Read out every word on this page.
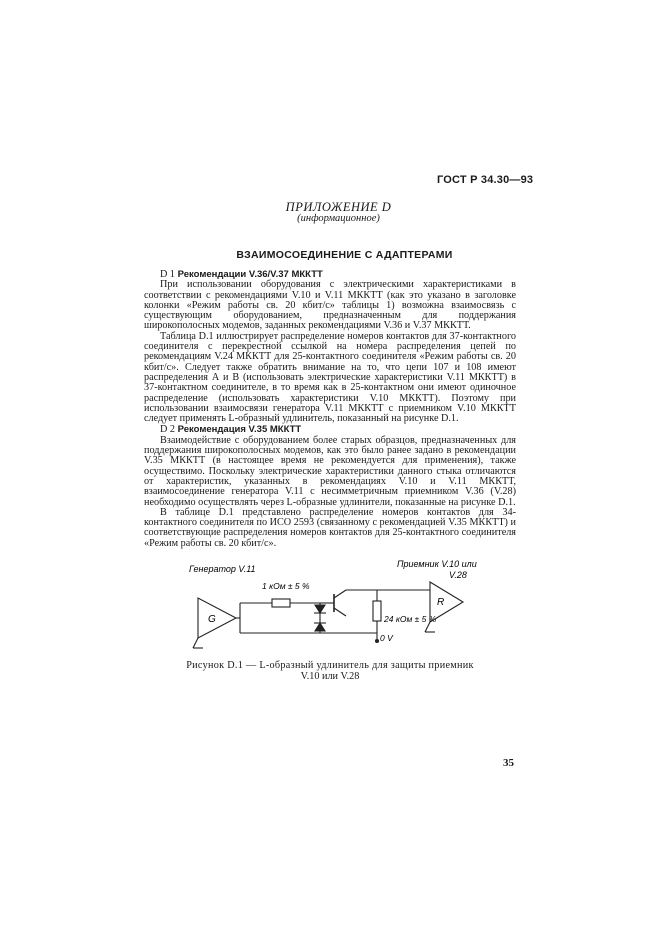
ГОСТ Р 34.30—93
ПРИЛОЖЕНИЕ D
(информационное)
ВЗАИМОСОЕДИНЕНИЕ С АДАПТЕРАМИ

D 1 Рекомендации V.36/V.37 МККТТ

При использовании оборудования с электрическими характеристиками в соответствии с рекомендациями V.10 и V.11 МККТТ (как это указано в заголовке колонки «Режим работы св. 20 кбит/с» таблицы 1) возможна взаимосвязь с существующим оборудованием, предназначенным для поддержания широкополосных модемов, заданных рекомендациями V.36 и V.37 МККТТ.

Таблица D.1 иллюстрирует распределение номеров контактов для 37-контактного соединителя с перекрестной ссылкой на номера распределения цепей по рекомендациям V.24 МККТТ для 25-контактного соединителя «Режим работы св. 20 кбит/с». Следует также обратить внимание на то, что цепи 107 и 108 имеют распределения А и В (использовать электрические характеристики V.11 МККТТ) в 37-контактном соединителе, в то время как в 25-контактном они имеют одиночное распределение (использовать характеристики V.10 МККТТ). Поэтому при использовании взаимосвязи генератора V.11 МККТТ с приемником V.10 МККТТ следует применять L-образный удлинитель, показанный на рисунке D.1.

D 2 Рекомендация V.35 МККТТ

Взаимодействие с оборудованием более старых образцов, предназначенных для поддержания широкополосных модемов, как это было ранее задано в рекомендации V.35 МККТТ (в настоящее время не рекомендуется для применения), также осуществимо. Поскольку электрические характеристики данного стыка отличаются от характеристик, указанных в рекомендациях V.10 и V.11 МККТТ, взаимосоединение генератора V.11 с несимметричным приемником V.36 (V.28) необходимо осуществлять через L-образные удлинители, показанные на рисунке D.1.

В таблице D.1 представлено распределение номеров контактов для 34-контактного соединителя по ИСО 2593 (связанному с рекомендацией V.35 МККТТ) и соответствующие распределения номеров контактов для 25-контактного соединителя «Режим работы св. 20 кбит/с».

Генератор V.11	Приемник V.10 или
V.28
1 кОм ± 5 %
24 кОм ± 5 %
0 V
G
R
Рисунок D.1 — L-образный удлинитель для защиты приемник
V.10 или V.28
35
